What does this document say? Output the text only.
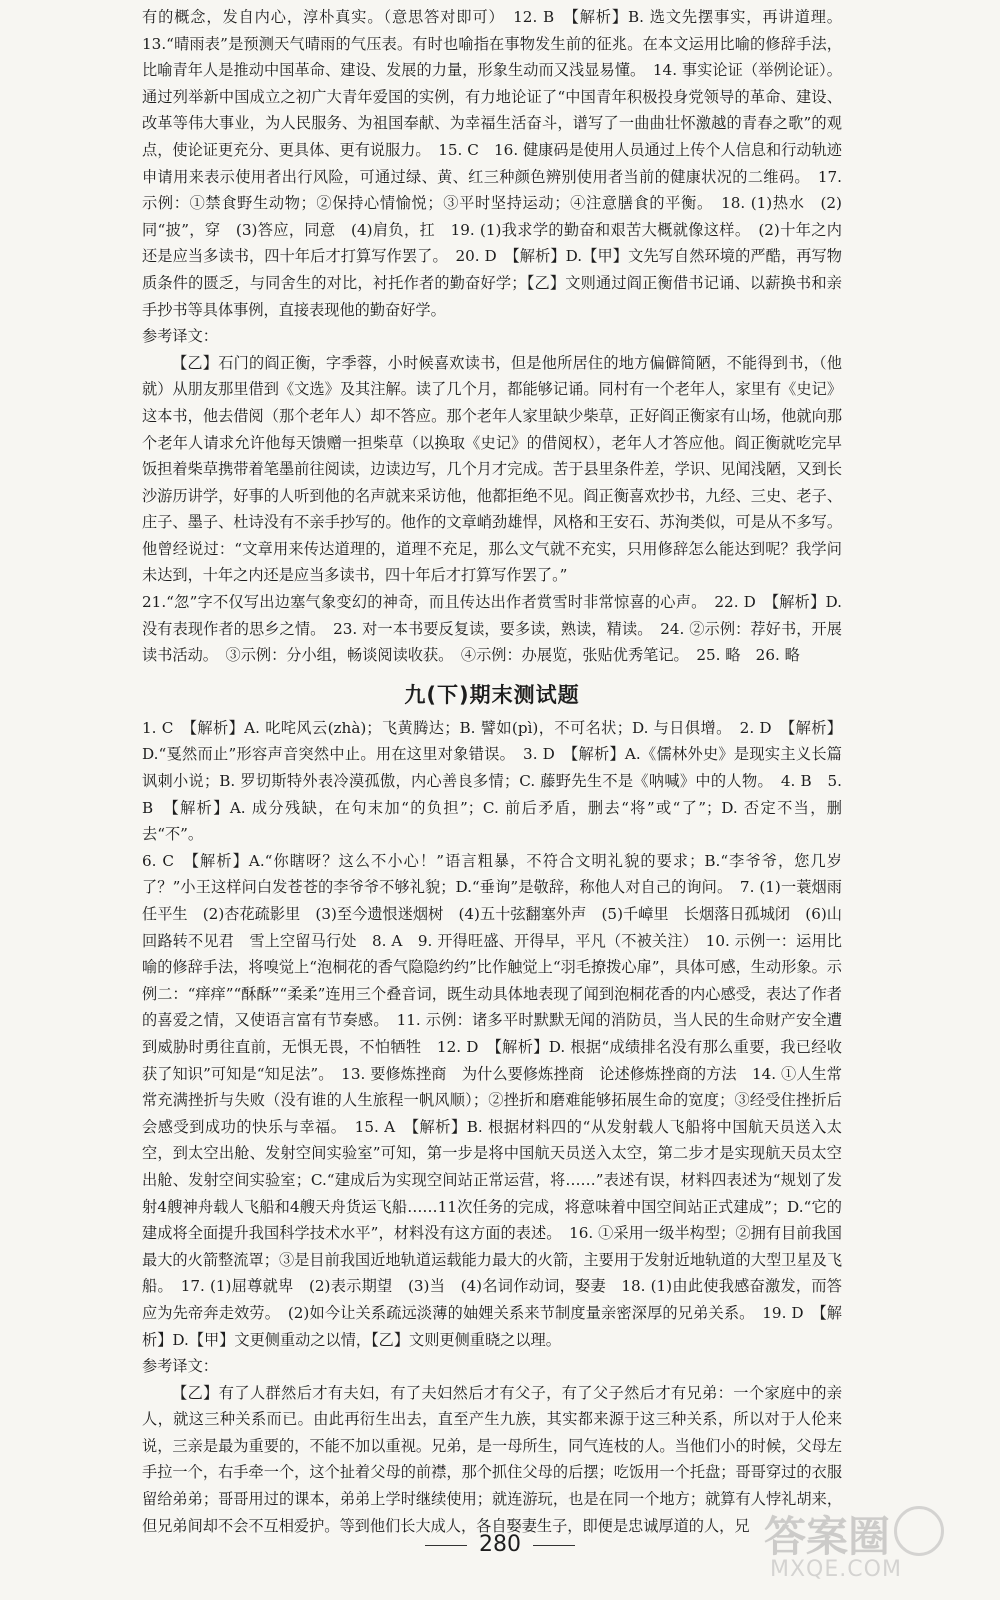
有的概念，发自内心，淳朴真实。（意思答对即可）　12. B　【解析】B. 选文先摆事实，再讲道理。13.“晴雨表”是预测天气晴雨的气压表。有时也喻指在事物发生前的征兆。在本文运用比喻的修辞手法，比喻青年人是推动中国革命、建设、发展的力量，形象生动而又浅显易懂。　14. 事实论证（举例论证）。通过列举新中国成立之初广大青年爱国的实例，有力地论证了“中国青年积极投身党领导的革命、建设、改革等伟大事业，为人民服务、为祖国奉献、为幸福生活奋斗，谱写了一曲曲壮怀激越的青春之歌”的观点，使论证更充分、更具体、更有说服力。　15. C　16. 健康码是使用人员通过上传个人信息和行动轨迹申请用来表示使用者出行风险，可通过绿、黄、红三种颜色辨别使用者当前的健康状况的二维码。　17. 示例：①禁食野生动物；②保持心情愉悦；③平时坚持运动；④注意膳食的平衡。　18. (1)热水　(2)同“披”，穿　(3)答应，同意　(4)肩负，扛　19. (1)我求学的勤奋和艰苦大概就像这样。　(2)十年之内还是应当多读书，四十年后才打算写作罢了。　20. D　【解析】D.【甲】文先写自然环境的严酷，再写物质条件的匮乏，与同舍生的对比，衬托作者的勤奋好学；【乙】文则通过阎正衡借书记诵、以薪换书和亲手抄书等具体事例，直接表现他的勤奋好学。

参考译文：

【乙】石门的阎正衡，字季蓉，小时候喜欢读书，但是他所居住的地方偏僻简陋，不能得到书，（他就）从朋友那里借到《文选》及其注解。读了几个月，都能够记诵。同村有一个老年人，家里有《史记》这本书，他去借阅（那个老年人）却不答应。那个老年人家里缺少柴草，正好阎正衡家有山场，他就向那个老年人请求允许他每天馈赠一担柴草（以换取《史记》的借阅权），老年人才答应他。阎正衡就吃完早饭担着柴草携带着笔墨前往阅读，边读边写，几个月才完成。苦于县里条件差，学识、见闻浅陋，又到长沙游历讲学，好事的人听到他的名声就来采访他，他都拒绝不见。阎正衡喜欢抄书，九经、三史、老子、庄子、墨子、杜诗没有不亲手抄写的。他作的文章峭劲雄悍，风格和王安石、苏洵类似，可是从不多写。他曾经说过：“文章用来传达道理的，道理不充足，那么文气就不充实，只用修辞怎么能达到呢？我学问未达到，十年之内还是应当多读书，四十年后才打算写作罢了。”

21.“忽”字不仅写出边塞气象变幻的神奇，而且传达出作者赏雪时非常惊喜的心声。　22. D　【解析】D. 没有表现作者的思乡之情。　23. 对一本书要反复读，要多读，熟读，精读。　24. ②示例：荐好书，开展读书活动。　③示例：分小组，畅谈阅读收获。　④示例：办展览，张贴优秀笔记。　25. 略　26. 略

九(下)期末测试题

1. C　【解析】A. 叱咤风云(zhà)；飞黄腾达；B. 譬如(pì)，不可名状；D. 与日俱增。　2. D　【解析】D.“戛然而止”形容声音突然中止。用在这里对象错误。　3. D　【解析】A.《儒林外史》是现实主义长篇讽刺小说；B. 罗切斯特外表冷漠孤傲，内心善良多情；C. 藤野先生不是《呐喊》中的人物。　4. B　5. B　【解析】A. 成分残缺，在句末加“的负担”；C. 前后矛盾，删去“将”或“了”；D. 否定不当，删去“不”。

6. C　【解析】A.“你瞎呀？这么不小心！”语言粗暴，不符合文明礼貌的要求；B.“李爷爷，您几岁了？”小王这样问白发苍苍的李爷爷不够礼貌；D.“垂询”是敬辞，称他人对自己的询问。　7. (1)一蓑烟雨任平生　(2)杏花疏影里　(3)至今遗恨迷烟树　(4)五十弦翻塞外声　(5)千嶂里　长烟落日孤城闭　(6)山回路转不见君　雪上空留马行处　8. A　9. 开得旺盛、开得早，平凡（不被关注）　10. 示例一：运用比喻的修辞手法，将嗅觉上“泡桐花的香气隐隐约约”比作触觉上“羽毛撩拨心扉”，具体可感，生动形象。示例二：“痒痒”“酥酥”“柔柔”连用三个叠音词，既生动具体地表现了闻到泡桐花香的内心感受，表达了作者的喜爱之情，又使语言富有节奏感。　11. 示例：诸多平时默默无闻的消防员，当人民的生命财产安全遭到威胁时勇往直前，无惧无畏，不怕牺牲　12. D　【解析】D. 根据“成绩排名没有那么重要，我已经收获了知识”可知是“知足法”。　13. 要修炼挫商　为什么要修炼挫商　论述修炼挫商的方法　14. ①人生常常充满挫折与失败（没有谁的人生旅程一帆风顺）；②挫折和磨难能够拓展生命的宽度；③经受住挫折后会感受到成功的快乐与幸福。　15. A　【解析】B. 根据材料四的“从发射载人飞船将中国航天员送入太空，到太空出舱、发射空间实验室”可知，第一步是将中国航天员送入太空，第二步才是实现航天员太空出舱、发射空间实验室；C.“建成后为实现空间站正常运营，将……”表述有误，材料四表述为“规划了发射4艘神舟载人飞船和4艘天舟货运飞船……11次任务的完成，将意味着中国空间站正式建成”；D.“它的建成将全面提升我国科学技术水平”，材料没有这方面的表述。　16. ①采用一级半构型；②拥有目前我国最大的火箭整流罩；③是目前我国近地轨道运载能力最大的火箭，主要用于发射近地轨道的大型卫星及飞船。　17. (1)屈尊就卑　(2)表示期望　(3)当　(4)名词作动词，娶妻　18. (1)由此使我感奋激发，而答应为先帝奔走效劳。　(2)如今让关系疏远淡薄的妯娌关系来节制度量亲密深厚的兄弟关系。　19. D　【解析】D.【甲】文更侧重动之以情，【乙】文则更侧重晓之以理。

参考译文：

【乙】有了人群然后才有夫妇，有了夫妇然后才有父子，有了父子然后才有兄弟：一个家庭中的亲人，就这三种关系而已。由此再衍生出去，直至产生九族，其实都来源于这三种关系，所以对于人伦来说，三亲是最为重要的，不能不加以重视。兄弟，是一母所生，同气连枝的人。当他们小的时候，父母左手拉一个，右手牵一个，这个扯着父母的前襟，那个抓住父母的后摆；吃饭用一个托盘；哥哥穿过的衣服留给弟弟；哥哥用过的课本，弟弟上学时继续使用；就连游玩，也是在同一个地方；就算有人悖礼胡来，但兄弟间却不会不互相爱护。等到他们长大成人，各自娶妻生子，即便是忠诚厚道的人，兄

280	答案圈
MXQE.COM
